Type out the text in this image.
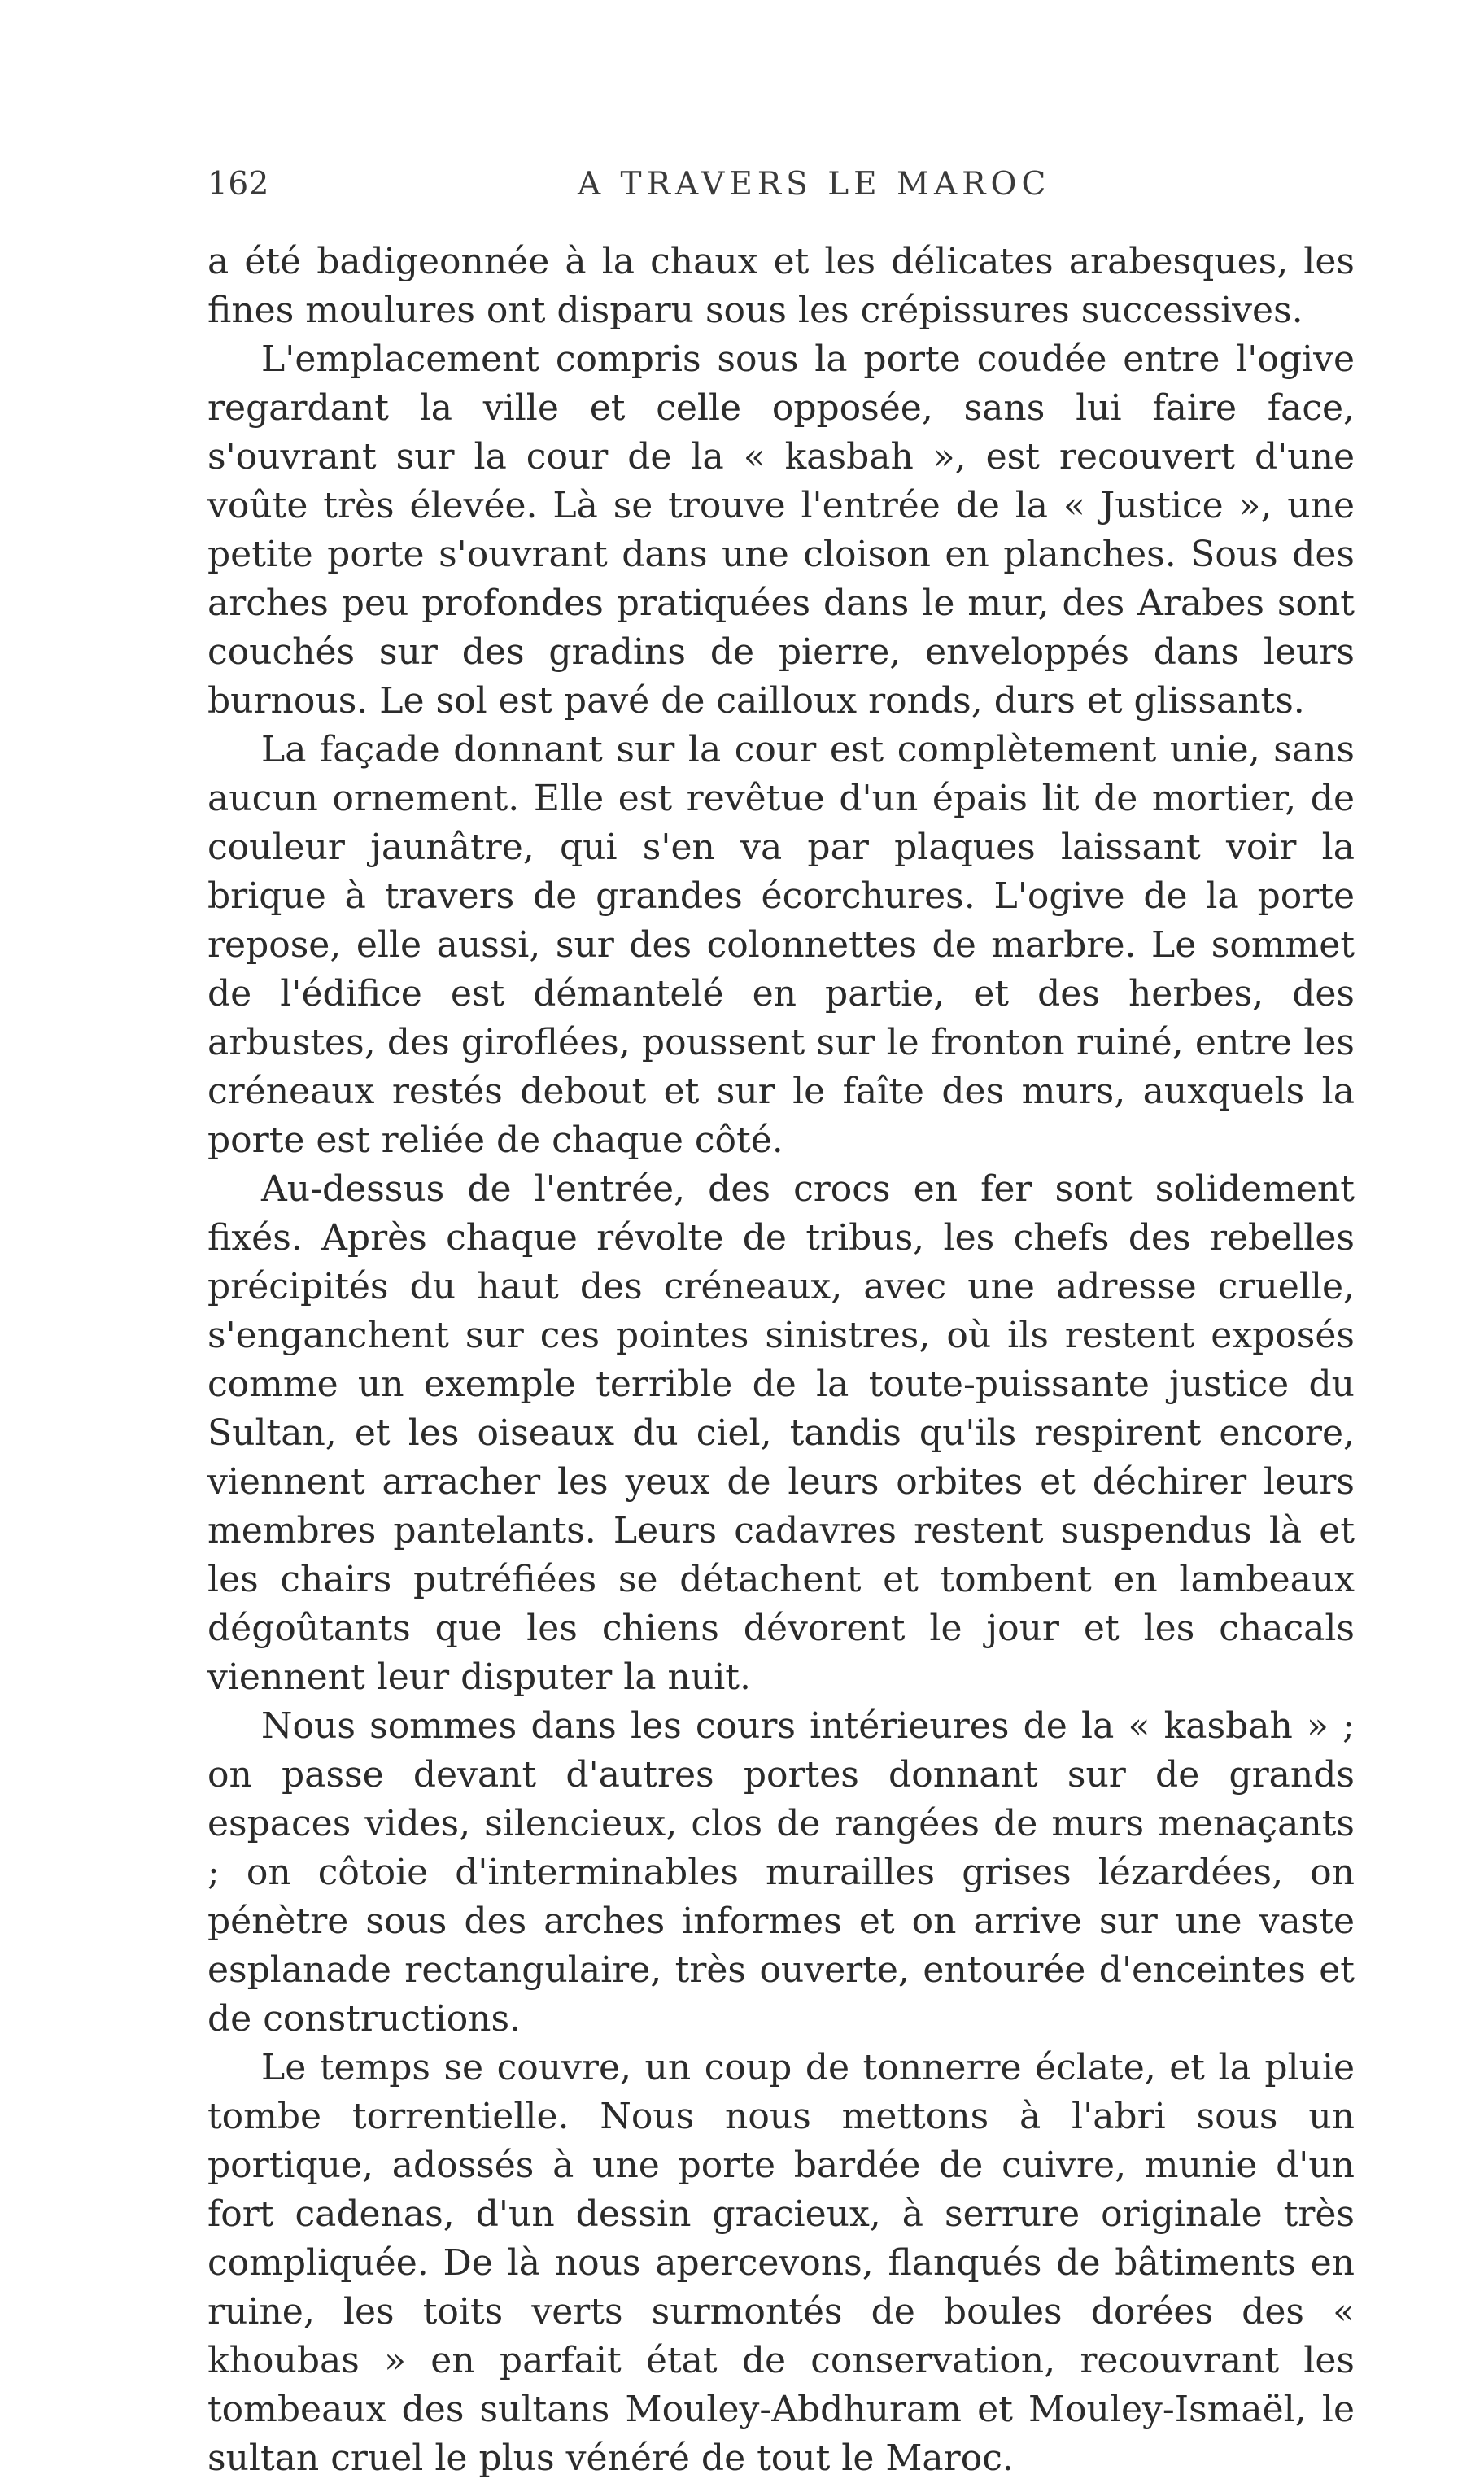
162	A TRAVERS LE MAROC

a été badigeonnée à la chaux et les délicates arabesques, les fines moulures ont disparu sous les crépissures successives.

L'emplacement compris sous la porte coudée entre l'ogive regardant la ville et celle opposée, sans lui faire face, s'ouvrant sur la cour de la « kasbah », est recouvert d'une voûte très élevée. Là se trouve l'entrée de la « Justice », une petite porte s'ouvrant dans une cloison en planches. Sous des arches peu profondes pratiquées dans le mur, des Arabes sont couchés sur des gradins de pierre, enveloppés dans leurs burnous. Le sol est pavé de cailloux ronds, durs et glissants.

La façade donnant sur la cour est complètement unie, sans aucun ornement. Elle est revêtue d'un épais lit de mortier, de couleur jaunâtre, qui s'en va par plaques laissant voir la brique à travers de grandes écorchures. L'ogive de la porte repose, elle aussi, sur des colonnettes de marbre. Le sommet de l'édifice est démantelé en partie, et des herbes, des arbustes, des giroflées, poussent sur le fronton ruiné, entre les créneaux restés debout et sur le faîte des murs, auxquels la porte est reliée de chaque côté.

Au-dessus de l'entrée, des crocs en fer sont solidement fixés. Après chaque révolte de tribus, les chefs des rebelles précipités du haut des créneaux, avec une adresse cruelle, s'enganchent sur ces pointes sinistres, où ils restent exposés comme un exemple terrible de la toute-puissante justice du Sultan, et les oiseaux du ciel, tandis qu'ils respirent encore, viennent arracher les yeux de leurs orbites et déchirer leurs membres pantelants. Leurs cadavres restent suspendus là et les chairs putréfiées se détachent et tombent en lambeaux dégoûtants que les chiens dévorent le jour et les chacals viennent leur disputer la nuit.

Nous sommes dans les cours intérieures de la « kasbah » ; on passe devant d'autres portes donnant sur de grands espaces vides, silencieux, clos de rangées de murs menaçants ; on côtoie d'interminables murailles grises lézardées, on pénètre sous des arches informes et on arrive sur une vaste esplanade rectangulaire, très ouverte, entourée d'enceintes et de constructions.

Le temps se couvre, un coup de tonnerre éclate, et la pluie tombe torrentielle. Nous nous mettons à l'abri sous un portique, adossés à une porte bardée de cuivre, munie d'un fort cadenas, d'un dessin gracieux, à serrure originale très compliquée. De là nous apercevons, flanqués de bâtiments en ruine, les toits verts surmontés de boules dorées des « khoubas » en parfait état de conservation, recouvrant les tombeaux des sultans Mouley-Abdhuram et Mouley-Ismaël, le sultan cruel le plus vénéré de tout le Maroc.
